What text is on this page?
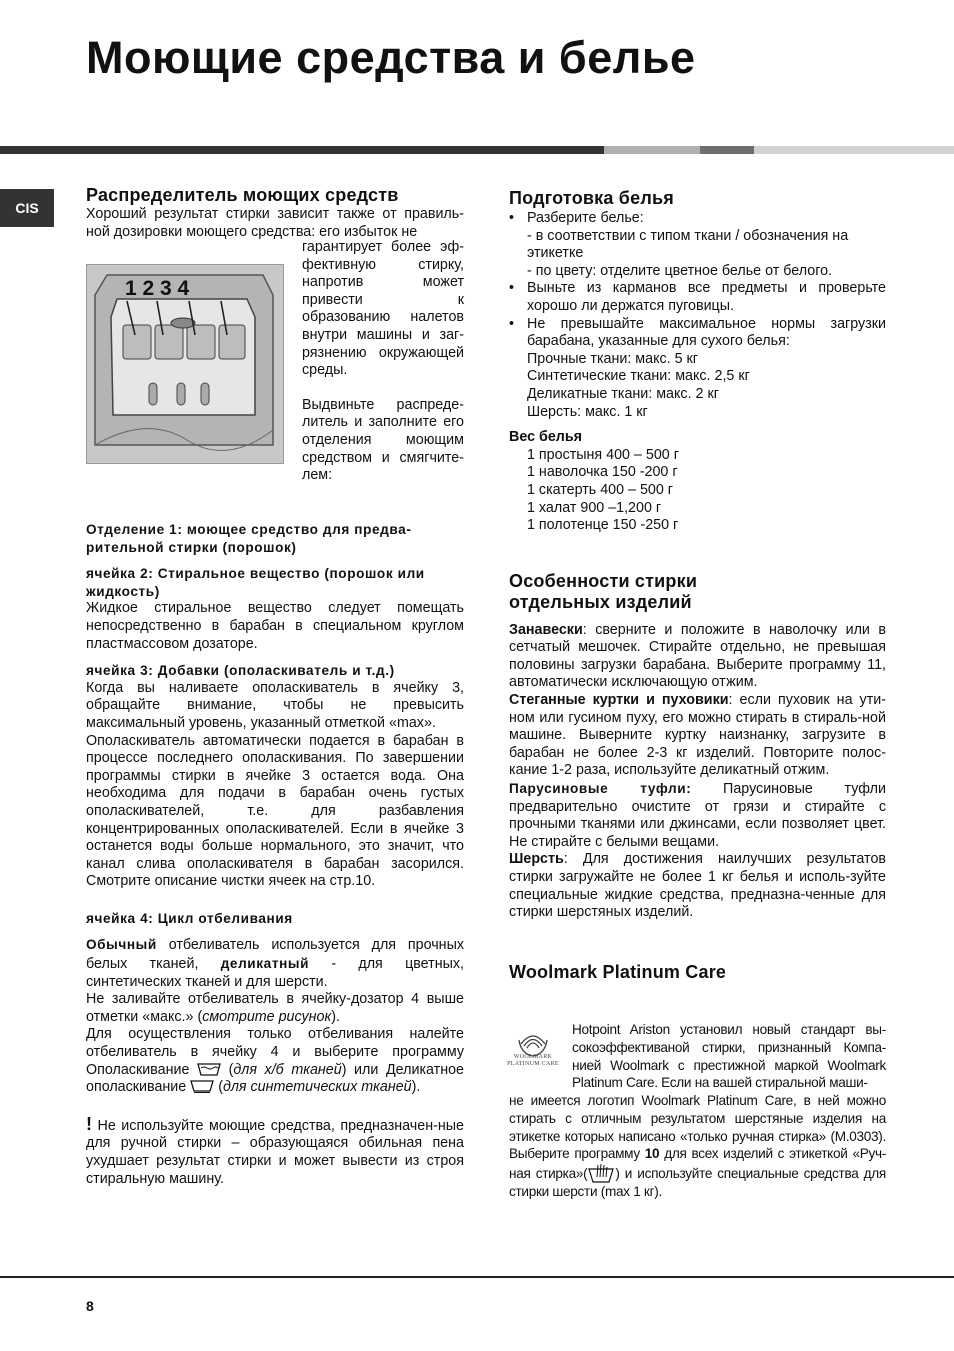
Моющие средства и белье
CIS

Распределитель моющих средств

Хороший результат стирки зависит также от правиль-ной дозировки моющего средства: его избыток не

гарантирует более эф-фективную стирку, напротив может привести к образованию налетов внутри машины и заг-рязнению окружающей среды.

Выдвиньте распреде-литель и заполните его отделения моющим средством и смягчите-лем:

1 2 3 4

Отделение 1: моющее средство для предва-рительной стирки (порошок)

ячейка 2: Стиральное вещество (порошок или жидкость)

Жидкое стиральное вещество следует помещать непосредственно в барабан в специальном круглом пластмассовом дозаторе.

ячейка 3: Добавки (ополаскиватель и т.д.)

Когда вы наливаете ополаскиватель в ячейку 3, обращайте внимание, чтобы не превысить максимальный уровень, указанный отметкой «max».

Ополаскиватель автоматически подается в барабан в процессе последнего ополаскивания. По завершении программы стирки в ячейке 3 остается вода. Она необходима для подачи в барабан очень густых ополаскивателей, т.е. для разбавления концентрированных ополаскивателей. Если в ячейке 3 останется воды больше нормального, это значит, что канал слива ополаскивателя в барабан засорился. Смотрите описание чистки ячеек на стр.10.

ячейка 4: Цикл отбеливания

Обычный отбеливатель используется для прочных белых тканей, деликатный - для цветных, синтетических тканей и для шерсти.

Не заливайте отбеливатель в ячейку-дозатор 4 выше отметки «макс.» (смотрите рисунок).

Для осуществления только отбеливания налейте отбеливатель в ячейку 4 и выберите программу Ополаскивание  (для х/б тканей) или Деликатное ополаскивание  (для синтетических тканей).

! Не используйте моющие средства, предназначен-ные для ручной стирки – образующаяся обильная пена ухудшает результат стирки и может вывести из строя стиральную машину.

Подготовка белья

• Разберите белье:
- в соответствии с типом ткани / обозначения на этикетке
- по цвету: отделите цветное белье от белого.
• Выньте из карманов все предметы и проверьте хорошо ли держатся пуговицы.
• Не превышайте максимальное нормы загрузки барабана, указанные для сухого белья:
Прочные ткани: макс. 5 кг
Синтетические ткани: макс. 2,5 кг
Деликатные ткани: макс. 2 кг
Шерсть: макс. 1 кг

Вес белья

1 простыня 400 – 500 г
1 наволочка 150 -200 г
1 скатерть 400 – 500 г
1 халат 900 –1,200 г
1 полотенце 150 -250 г

Особенности стирки
отдельных изделий

Занавески: сверните и положите в наволочку или в сетчатый мешочек. Стирайте отдельно, не превышая половины загрузки барабана. Выберите программу 11, автоматически исключающую отжим.

Стеганные куртки и пуховики: если пуховик на ути-ном или гусином пуху, его можно стирать в стираль-ной машине. Выверните куртку наизнанку, загрузите в барабан не более 2-3 кг изделий. Повторите полос-кание 1-2 раза, используйте деликатный отжим.

Парусиновые туфли: Парусиновые туфли предварительно очистите от грязи и стирайте с прочными тканями или джинсами, если позволяет цвет. Не стирайте с белыми вещами.

Шерсть: Для достижения наилучших результатов стирки загружайте не более 1 кг белья и исполь-зуйте специальные жидкие средства, предназна-ченные для стирки шерстяных изделий.

Woolmark Platinum Care

WOOLMARK PLATINUM CARE

Hotpoint Ariston установил новый стандарт вы-сокоэффективаной стирки, признанный Компа-нией Woolmark с престижной маркой Woolmark Platinum Care. Если на вашей стиральной маши-

не имеется логотип Woolmark Platinum Care, в ней можно стирать с отличным результатом шерстяные изделия на этикетке которых написано «только ручная стирка» (M.0303). Выберите программу 10 для всех изделий с этикеткой «Руч-ная стирка»( ) и используйте специальные средства для стирки шерсти (max 1 кг).

8
